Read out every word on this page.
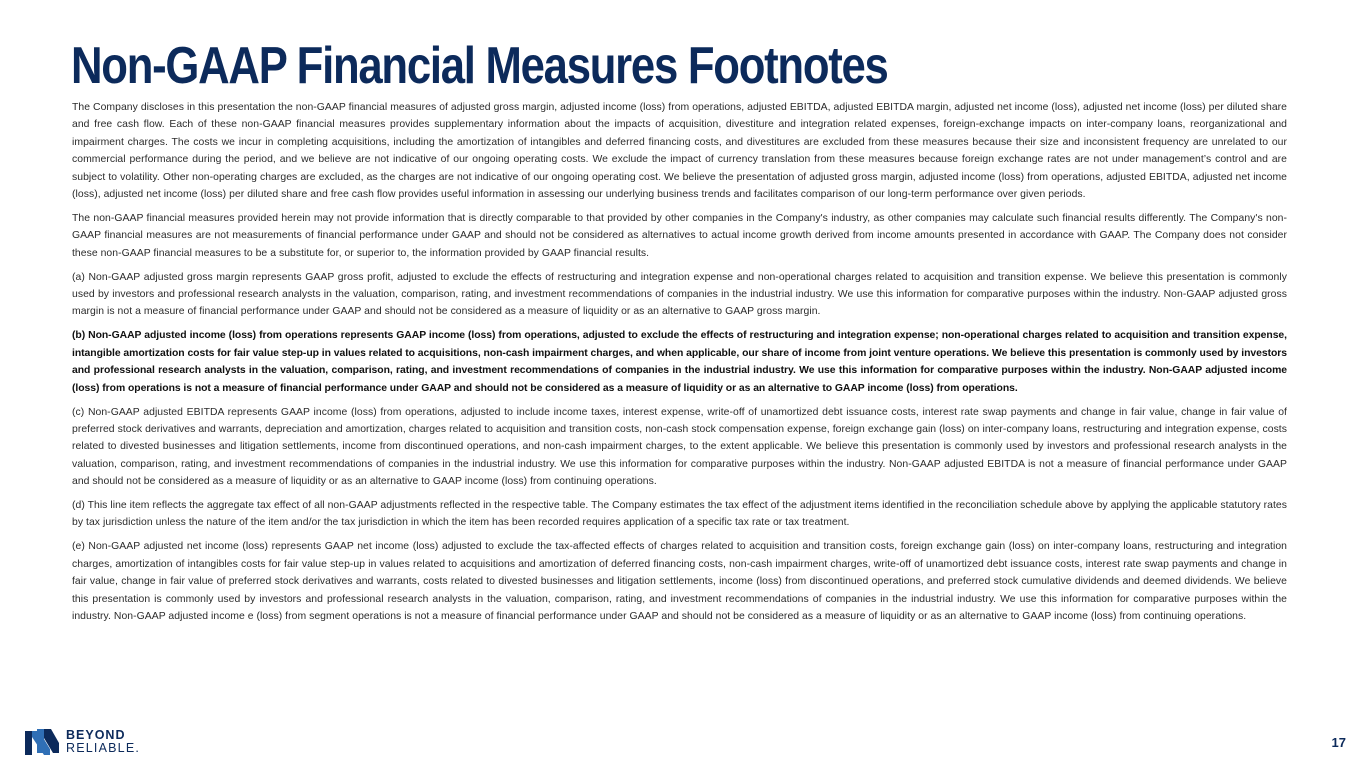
Non-GAAP Financial Measures Footnotes

The Company discloses in this presentation the non-GAAP financial measures of adjusted gross margin, adjusted income (loss) from operations, adjusted EBITDA, adjusted EBITDA margin, adjusted net income (loss), adjusted net income (loss) per diluted share and free cash flow. Each of these non-GAAP financial measures provides supplementary information about the impacts of acquisition, divestiture and integration related expenses, foreign-exchange impacts on inter-company loans, reorganizational and impairment charges. The costs we incur in completing acquisitions, including the amortization of intangibles and deferred financing costs, and divestitures are excluded from these measures because their size and inconsistent frequency are unrelated to our commercial performance during the period, and we believe are not indicative of our ongoing operating costs. We exclude the impact of currency translation from these measures because foreign exchange rates are not under management’s control and are subject to volatility. Other non-operating charges are excluded, as the charges are not indicative of our ongoing operating cost. We believe the presentation of adjusted gross margin, adjusted income (loss) from operations, adjusted EBITDA, adjusted net income (loss), adjusted net income (loss) per diluted share and free cash flow provides useful information in assessing our underlying business trends and facilitates comparison of our long-term performance over given periods.

The non-GAAP financial measures provided herein may not provide information that is directly comparable to that provided by other companies in the Company's industry, as other companies may calculate such financial results differently. The Company's non-GAAP financial measures are not measurements of financial performance under GAAP and should not be considered as alternatives to actual income growth derived from income amounts presented in accordance with GAAP. The Company does not consider these non-GAAP financial measures to be a substitute for, or superior to, the information provided by GAAP financial results.

(a) Non-GAAP adjusted gross margin represents GAAP gross profit, adjusted to exclude the effects of restructuring and integration expense and non-operational charges related to acquisition and transition expense. We believe this presentation is commonly used by investors and professional research analysts in the valuation, comparison, rating, and investment recommendations of companies in the industrial industry. We use this information for comparative purposes within the industry. Non-GAAP adjusted gross margin is not a measure of financial performance under GAAP and should not be considered as a measure of liquidity or as an alternative to GAAP gross margin.

(b) Non-GAAP adjusted income (loss) from operations represents GAAP income (loss) from operations, adjusted to exclude the effects of restructuring and integration expense; non-operational charges related to acquisition and transition expense, intangible amortization costs for fair value step-up in values related to acquisitions, non-cash impairment charges, and when applicable, our share of income from joint venture operations. We believe this presentation is commonly used by investors and professional research analysts in the valuation, comparison, rating, and investment recommendations of companies in the industrial industry. We use this information for comparative purposes within the industry. Non-GAAP adjusted income (loss) from operations is not a measure of financial performance under GAAP and should not be considered as a measure of liquidity or as an alternative to GAAP income (loss) from operations.

(c) Non-GAAP adjusted EBITDA represents GAAP income (loss) from operations, adjusted to include income taxes, interest expense, write-off of unamortized debt issuance costs, interest rate swap payments and change in fair value, change in fair value of preferred stock derivatives and warrants, depreciation and amortization, charges related to acquisition and transition costs, non-cash stock compensation expense, foreign exchange gain (loss) on inter-company loans, restructuring and integration expense, costs related to divested businesses and litigation settlements, income from discontinued operations, and non-cash impairment charges, to the extent applicable. We believe this presentation is commonly used by investors and professional research analysts in the valuation, comparison, rating, and investment recommendations of companies in the industrial industry. We use this information for comparative purposes within the industry. Non-GAAP adjusted EBITDA is not a measure of financial performance under GAAP and should not be considered as a measure of liquidity or as an alternative to GAAP income (loss) from continuing operations.

(d) This line item reflects the aggregate tax effect of all non-GAAP adjustments reflected in the respective table. The Company estimates the tax effect of the adjustment items identified in the reconciliation schedule above by applying the applicable statutory rates by tax jurisdiction unless the nature of the item and/or the tax jurisdiction in which the item has been recorded requires application of a specific tax rate or tax treatment.

(e) Non-GAAP adjusted net income (loss) represents GAAP net income (loss) adjusted to exclude the tax-affected effects of charges related to acquisition and transition costs, foreign exchange gain (loss) on inter-company loans, restructuring and integration charges, amortization of intangibles costs for fair value step-up in values related to acquisitions and amortization of deferred financing costs, non-cash impairment charges, write-off of unamortized debt issuance costs, interest rate swap payments and change in fair value, change in fair value of preferred stock derivatives and warrants, costs related to divested businesses and litigation settlements, income (loss) from discontinued operations, and preferred stock cumulative dividends and deemed dividends. We believe this presentation is commonly used by investors and professional research analysts in the valuation, comparison, rating, and investment recommendations of companies in the industrial industry. We use this information for comparative purposes within the industry. Non-GAAP adjusted income e (loss) from segment operations is not a measure of financial performance under GAAP and should not be considered as a measure of liquidity or as an alternative to GAAP income (loss) from continuing operations.

BEYOND
RELIABLE.	17
